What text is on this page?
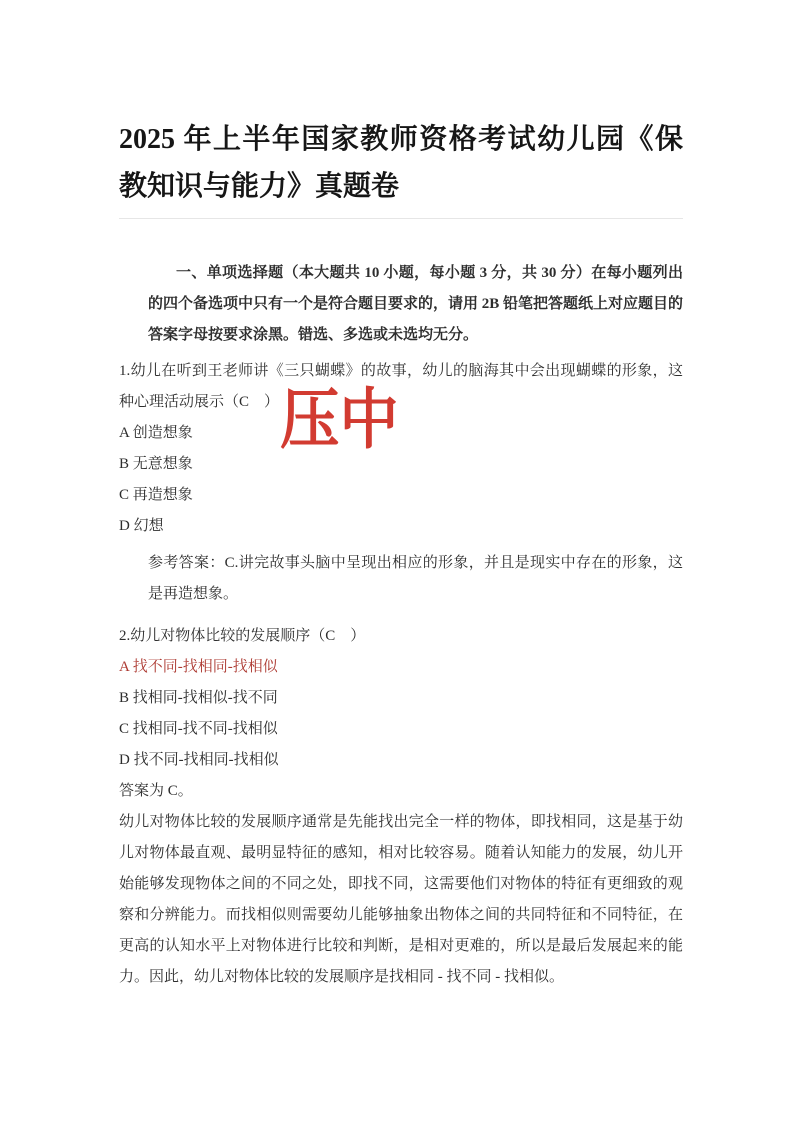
2025 年上半年国家教师资格考试幼儿园《保教知识与能力》真题卷

一、单项选择题（本大题共 10 小题，每小题 3 分，共 30 分）在每小题列出的四个备选项中只有一个是符合题目要求的，请用 2B 铅笔把答题纸上对应题目的答案字母按要求涂黑。错选、多选或未选均无分。

1.幼儿在听到王老师讲《三只蝴蝶》的故事，幼儿的脑海其中会出现蝴蝶的形象，这种心理活动展示（C　）

A 创造想象

B 无意想象

C 再造想象

D 幻想

参考答案：C.讲完故事头脑中呈现出相应的形象，并且是现实中存在的形象，这是再造想象。

2.幼儿对物体比较的发展顺序（C　）

A 找不同-找相同-找相似

B 找相同-找相似-找不同

C 找相同-找不同-找相似

D 找不同-找相同-找相似

答案为 C。

幼儿对物体比较的发展顺序通常是先能找出完全一样的物体，即找相同，这是基于幼儿对物体最直观、最明显特征的感知，相对比较容易。随着认知能力的发展，幼儿开始能够发现物体之间的不同之处，即找不同，这需要他们对物体的特征有更细致的观察和分辨能力。而找相似则需要幼儿能够抽象出物体之间的共同特征和不同特征，在更高的认知水平上对物体进行比较和判断，是相对更难的，所以是最后发展起来的能力。因此，幼儿对物体比较的发展顺序是找相同 - 找不同 - 找相似。

压中
